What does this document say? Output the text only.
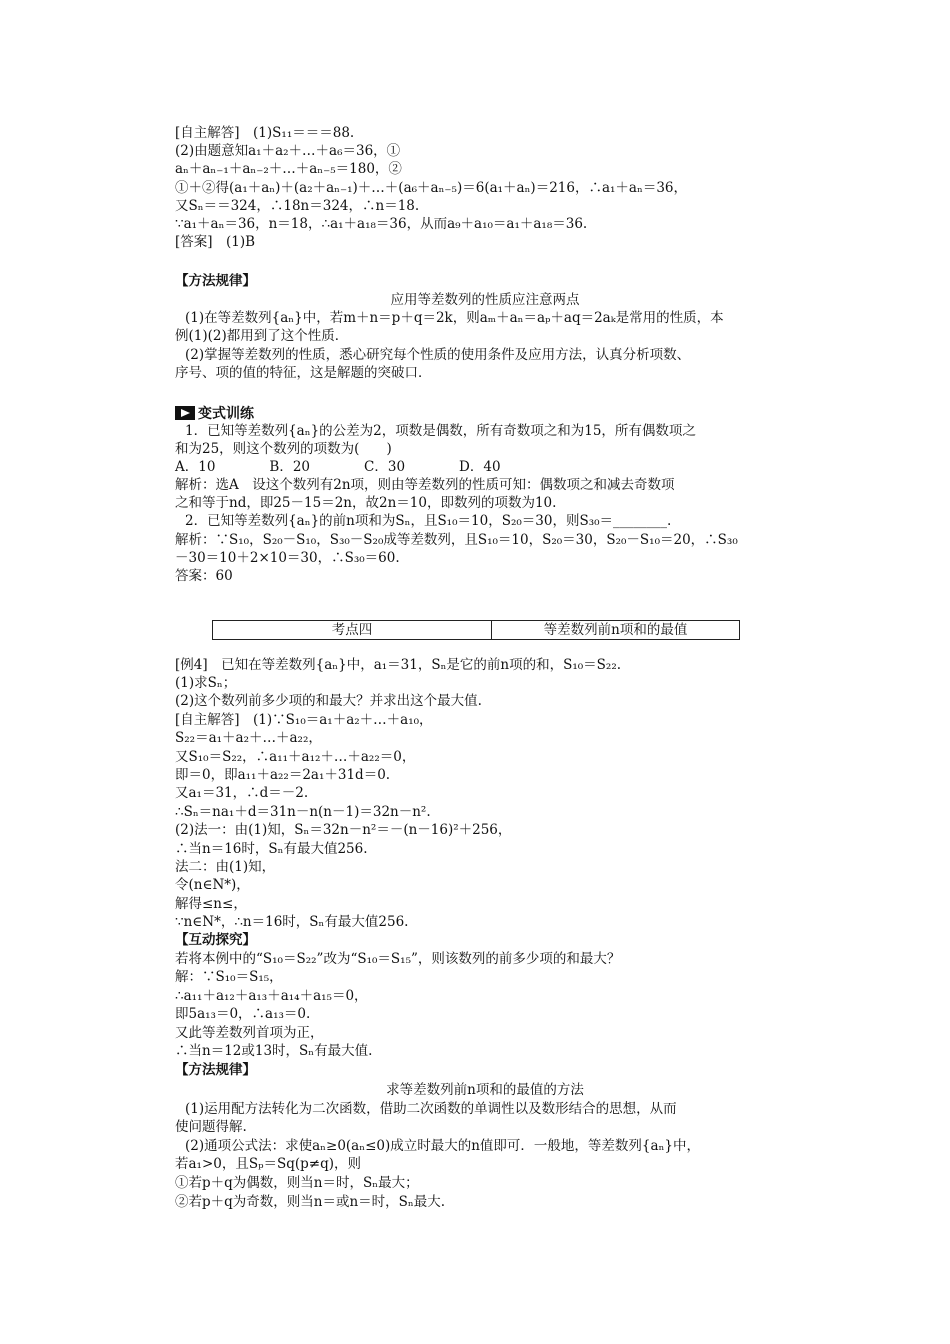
[自主解答]　(1)S₁₁＝＝＝88.
(2)由题意知a₁＋a₂＋…＋a₆＝36，①
aₙ＋aₙ₋₁＋aₙ₋₂＋…＋aₙ₋₅＝180，②
①＋②得(a₁＋aₙ)＋(a₂＋aₙ₋₁)＋…＋(a₆＋aₙ₋₅)＝6(a₁＋aₙ)＝216，∴a₁＋aₙ＝36，
又Sₙ＝＝324，∴18n＝324，∴n＝18.
∵a₁＋aₙ＝36，n＝18，∴a₁＋a₁₈＝36，从而a₉＋a₁₀＝a₁＋a₁₈＝36.
[答案]　(1)B
【方法规律】
应用等差数列的性质应注意两点
(1)在等差数列{aₙ}中，若m＋n＝p＋q＝2k，则aₘ＋aₙ＝aₚ＋aq＝2aₖ是常用的性质，本
例(1)(2)都用到了这个性质．
(2)掌握等差数列的性质，悉心研究每个性质的使用条件及应用方法，认真分析项数、
序号、项的值的特征，这是解题的突破口．
变式训练
1．已知等差数列{aₙ}的公差为2，项数是偶数，所有奇数项之和为15，所有偶数项之
和为25，则这个数列的项数为(　　)
A．10　　　　B．20　　　　C．30　　　　D．40
解析：选A　设这个数列有2n项，则由等差数列的性质可知：偶数项之和减去奇数项
之和等于nd，即25－15＝2n，故2n＝10，即数列的项数为10.
2．已知等差数列{aₙ}的前n项和为Sₙ，且S₁₀＝10，S₂₀＝30，则S₃₀＝________.
解析：∵S₁₀，S₂₀－S₁₀，S₃₀－S₂₀成等差数列，且S₁₀＝10，S₂₀＝30，S₂₀－S₁₀＝20，∴S₃₀
－30＝10＋2×10＝30，∴S₃₀＝60.
答案：60
考点四	等差数列前n项和的最值
[例4]　已知在等差数列{aₙ}中，a₁＝31，Sₙ是它的前n项的和，S₁₀＝S₂₂.
(1)求Sₙ；
(2)这个数列前多少项的和最大？并求出这个最大值.
[自主解答]　(1)∵S₁₀＝a₁＋a₂＋…＋a₁₀，
S₂₂＝a₁＋a₂＋…＋a₂₂，
又S₁₀＝S₂₂，∴a₁₁＋a₁₂＋…＋a₂₂＝0，
即＝0，即a₁₁＋a₂₂＝2a₁＋31d＝0.
又a₁＝31，∴d＝－2.
∴Sₙ＝na₁＋d＝31n－n(n－1)＝32n－n².
(2)法一：由(1)知，Sₙ＝32n－n²＝－(n－16)²＋256，
∴当n＝16时，Sₙ有最大值256.
法二：由(1)知，
令(n∈N*)，
解得≤n≤，
∵n∈N*，∴n＝16时，Sₙ有最大值256.
【互动探究】
若将本例中的“S₁₀＝S₂₂”改为“S₁₀＝S₁₅”，则该数列的前多少项的和最大？
解：∵S₁₀＝S₁₅，
∴a₁₁＋a₁₂＋a₁₃＋a₁₄＋a₁₅＝0，
即5a₁₃＝0，∴a₁₃＝0.
又此等差数列首项为正，
∴当n＝12或13时，Sₙ有最大值.
【方法规律】
求等差数列前n项和的最值的方法
(1)运用配方法转化为二次函数，借助二次函数的单调性以及数形结合的思想，从而
使问题得解.
(2)通项公式法：求使aₙ≥0(aₙ≤0)成立时最大的n值即可．一般地，等差数列{aₙ}中，
若a₁>0，且Sₚ＝Sq(p≠q)，则
①若p＋q为偶数，则当n＝时，Sₙ最大；
②若p＋q为奇数，则当n＝或n＝时，Sₙ最大.
